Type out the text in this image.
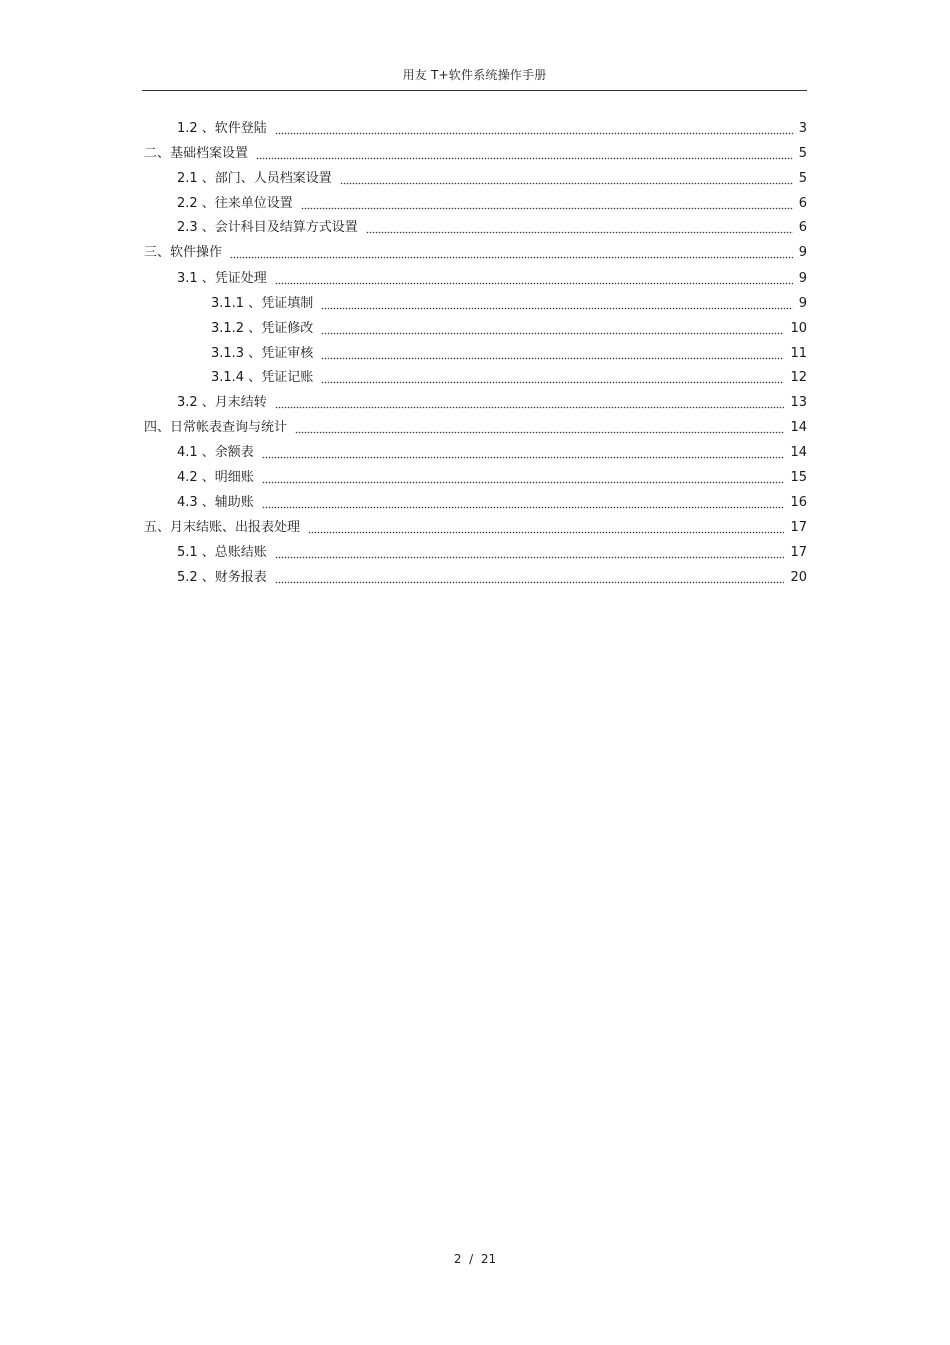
用友 T+软件系统操作手册
1.2 、软件登陆	3
二、基础档案设置	5
2.1 、部门、人员档案设置	5
2.2 、往来单位设置	6
2.3 、会计科目及结算方式设置	6
三、软件操作	9
3.1 、凭证处理	9
3.1.1 、凭证填制	9
3.1.2 、凭证修改	10
3.1.3 、凭证审核	11
3.1.4 、凭证记账	12
3.2 、月末结转	13
四、日常帐表查询与统计	14
4.1 、余额表	14
4.2 、明细账	15
4.3 、辅助账	16
五、月末结账、出报表处理	17
5.1 、总账结账	17
5.2 、财务报表	20
2 / 21
